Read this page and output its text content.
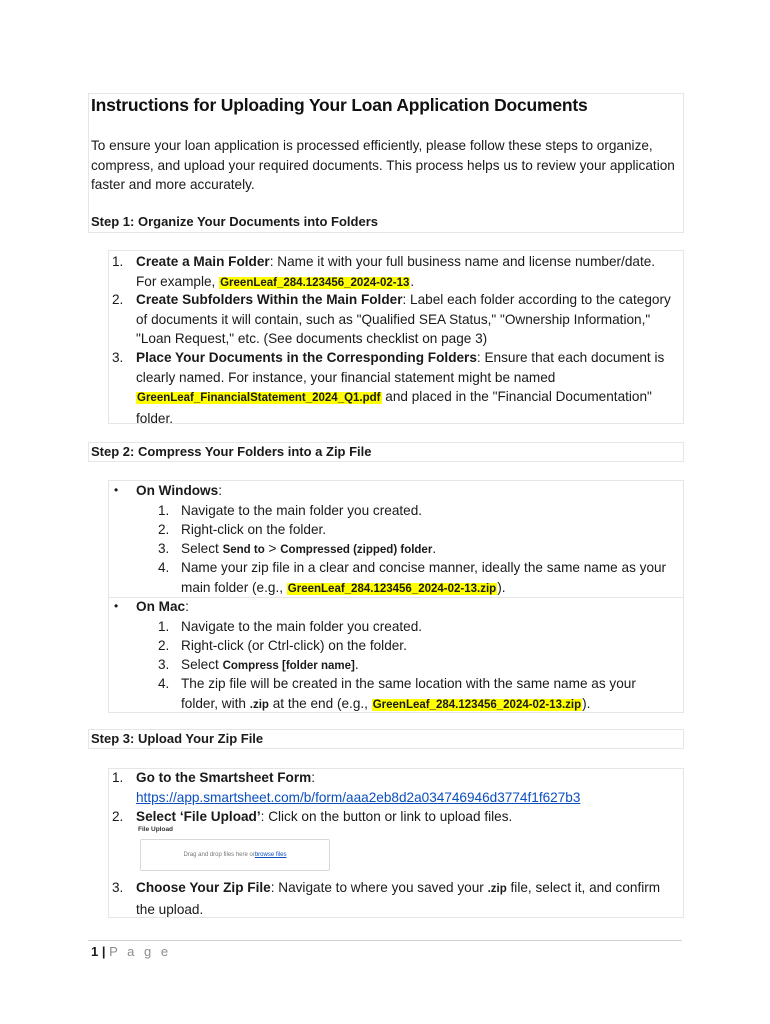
Instructions for Uploading Your Loan Application Documents
To ensure your loan application is processed efficiently, please follow these steps to organize, compress, and upload your required documents. This process helps us to review your application faster and more accurately.
Step 1: Organize Your Documents into Folders
1. Create a Main Folder: Name it with your full business name and license number/date.
For example, GreenLeaf_284.123456_2024-02-13.
2. Create Subfolders Within the Main Folder: Label each folder according to the category
of documents it will contain, such as "Qualified SEA Status," "Ownership Information,"
"Loan Request," etc. (See documents checklist on page 3)
3. Place Your Documents in the Corresponding Folders: Ensure that each document is
clearly named. For instance, your financial statement might be named
GreenLeaf_FinancialStatement_2024_Q1.pdf and placed in the "Financial Documentation"
folder.
Step 2: Compress Your Folders into a Zip File
• On Windows:
1. Navigate to the main folder you created.
2. Right-click on the folder.
3. Select Send to > Compressed (zipped) folder.
4. Name your zip file in a clear and concise manner, ideally the same name as your
main folder (e.g., GreenLeaf_284.123456_2024-02-13.zip).
• On Mac:
1. Navigate to the main folder you created.
2. Right-click (or Ctrl-click) on the folder.
3. Select Compress [folder name].
4. The zip file will be created in the same location with the same name as your
folder, with .zip at the end (e.g., GreenLeaf_284.123456_2024-02-13.zip).
Step 3: Upload Your Zip File
1. Go to the Smartsheet Form:
https://app.smartsheet.com/b/form/aaa2eb8d2a034746946d3774f1f627b3
2. Select ‘File Upload’: Click on the button or link to upload files.
File Upload
Drag and drop files here or browse files
3. Choose Your Zip File: Navigate to where you saved your .zip file, select it, and confirm
the upload.
1 | P a g e
